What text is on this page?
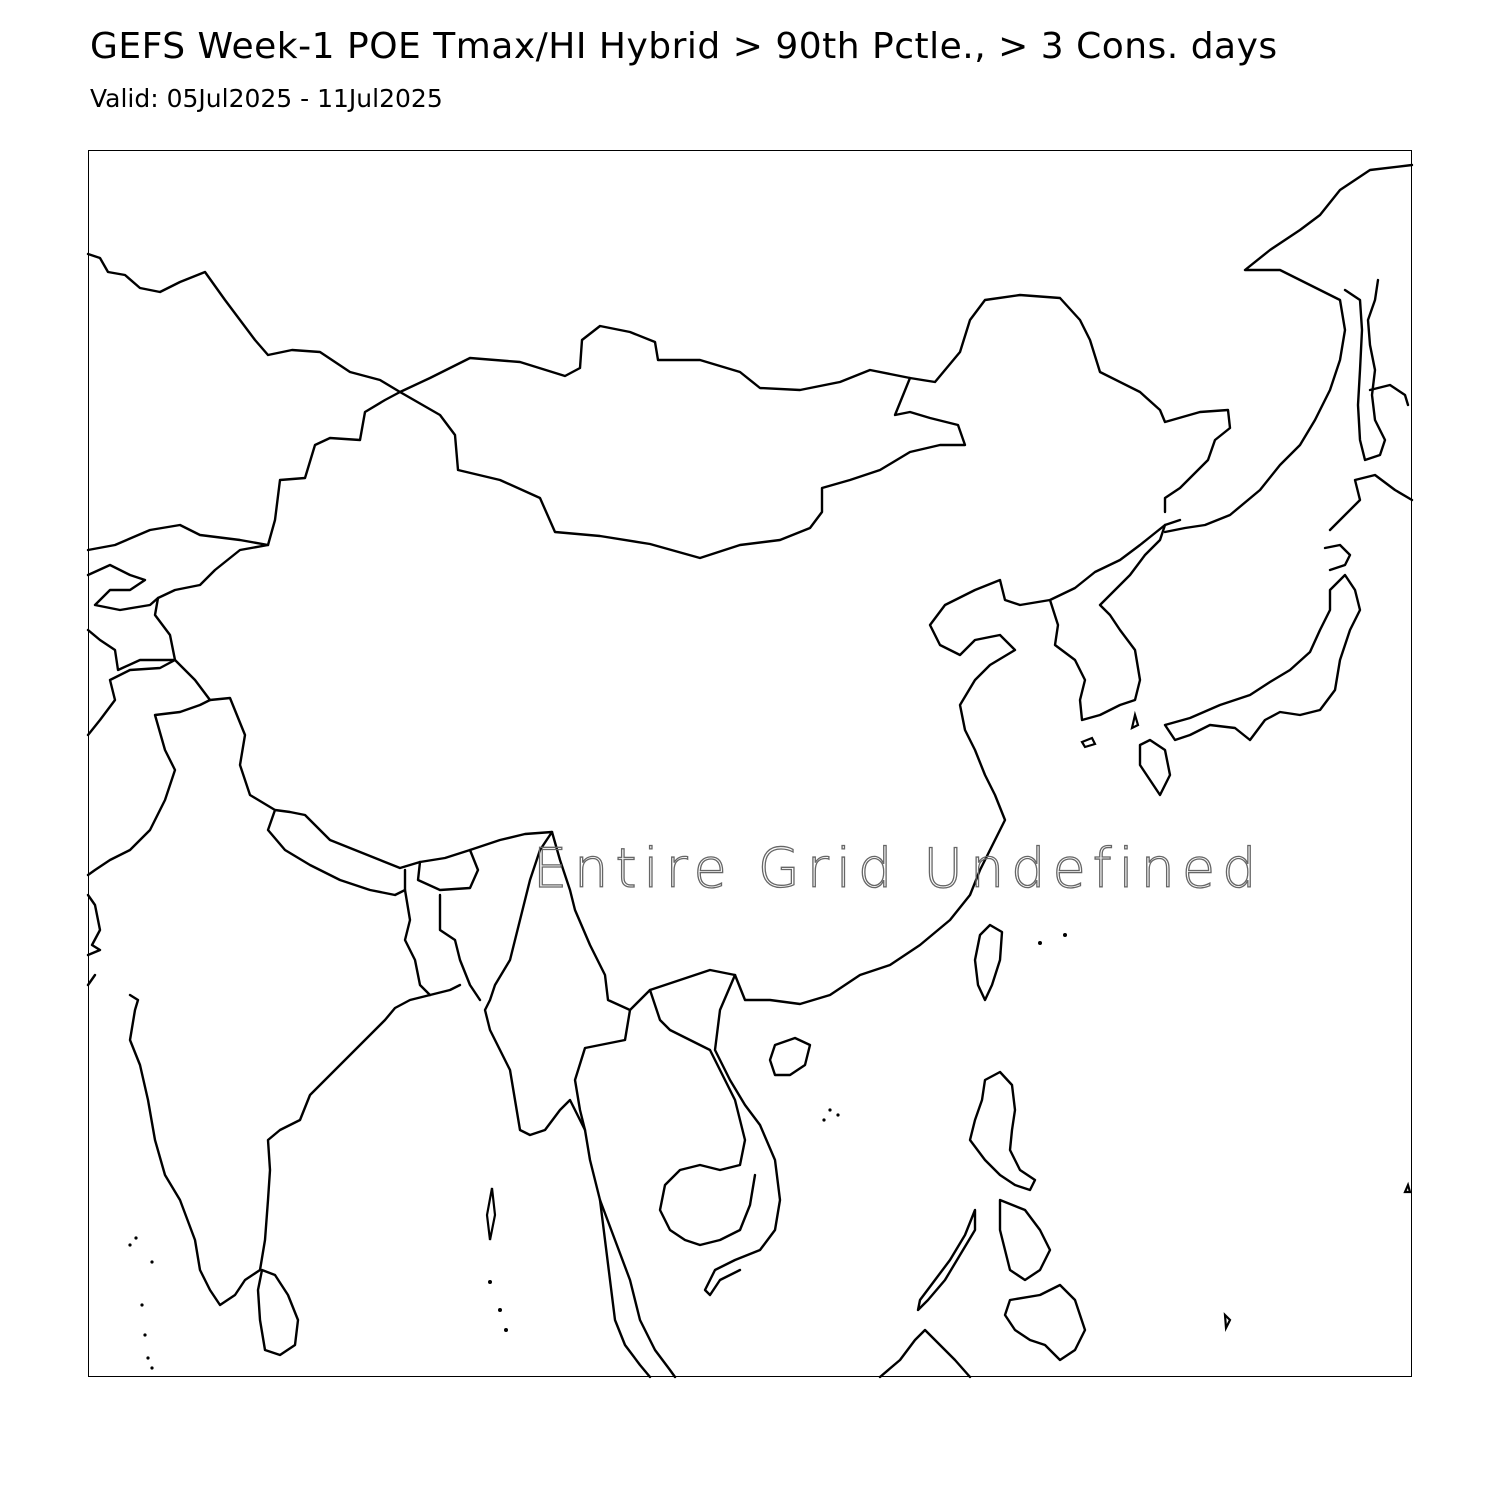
GEFS Week-1 POE Tmax/HI Hybrid > 90th Pctle., > 3 Cons. days
Valid: 05Jul2025 - 11Jul2025
Entire Grid Undefined
